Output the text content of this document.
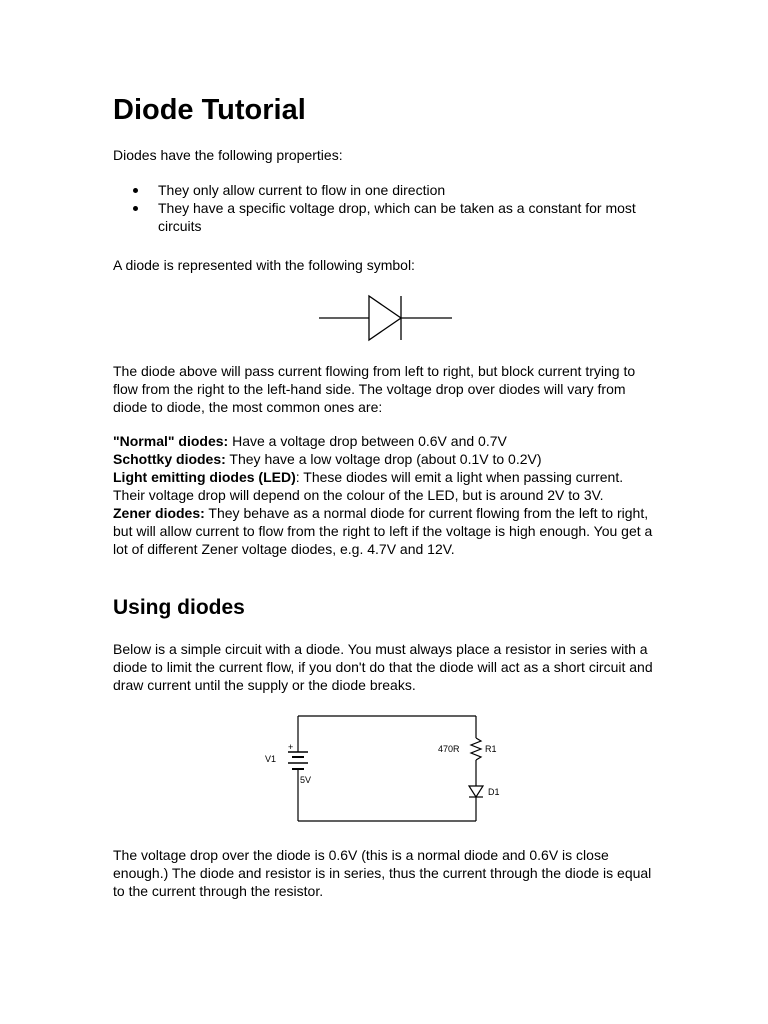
Diode Tutorial

Diodes have the following properties:

They only allow current to flow in one direction
They have a specific voltage drop, which can be taken as a constant for most circuits

A diode is represented with the following symbol:

The diode above will pass current flowing from left to right, but block current trying to flow from the right to the left-hand side. The voltage drop over diodes will vary from diode to diode, the most common ones are:

"Normal" diodes: Have a voltage drop between 0.6V and 0.7V
Schottky diodes: They have a low voltage drop (about 0.1V to 0.2V)
Light emitting diodes (LED): These diodes will emit a light when passing current. Their voltage drop will depend on the colour of the LED, but is around 2V to 3V.
Zener diodes: They behave as a normal diode for current flowing from the left to right, but will allow current to flow from the right to left if the voltage is high enough. You get a lot of different Zener voltage diodes, e.g. 4.7V and 12V.
Using diodes

Below is a simple circuit with a diode. You must always place a resistor in series with a diode to limit the current flow, if you don't do that the diode will act as a short circuit and draw current until the supply or the diode breaks.

The voltage drop over the diode is 0.6V (this is a normal diode and 0.6V is close enough.) The diode and resistor is in series, thus the current through the diode is equal to the current through the resistor.

+
V1
5V
470R	R1
D1
